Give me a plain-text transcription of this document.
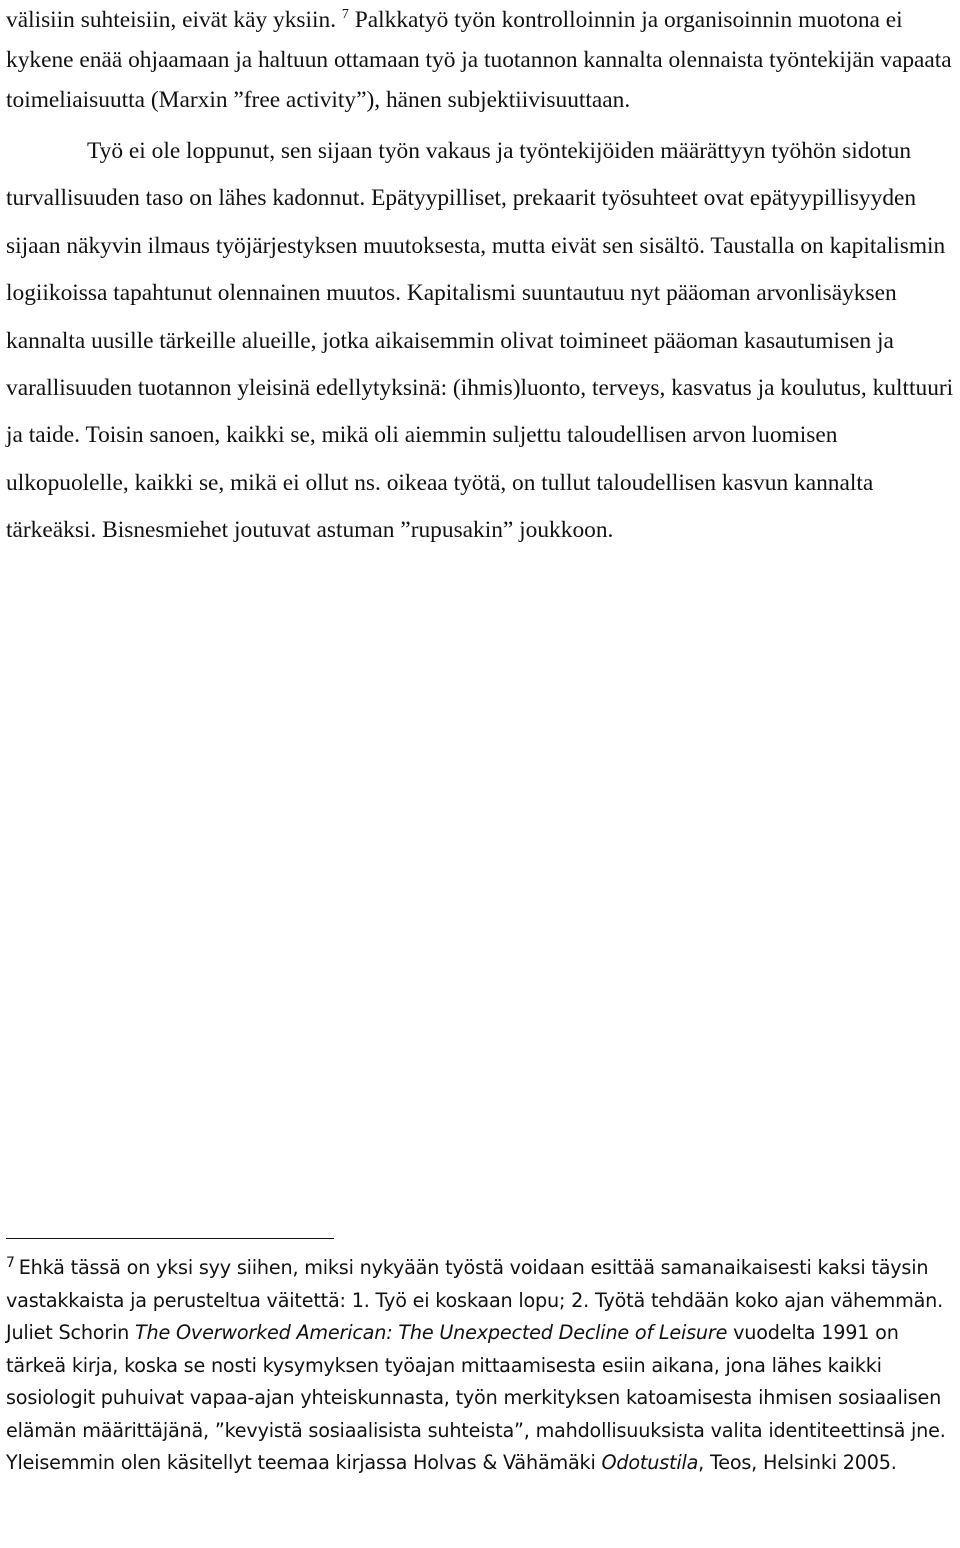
välisiin suhteisiin, eivät käy yksiin. $^7$ Palkkatyö työn kontrolloinnin ja organisoinnin muotona ei kykene enää ohjaamaan ja haltuun ottamaan työ ja tuotannon kannalta olennaista työntekijän vapaata toimeliaisuutta (Marxin ”free activity”), hänen subjektiivisuuttaan.

Työ ei ole loppunut, sen sijaan työn vakaus ja työntekijöiden määrättyyn työhön sidotun turvallisuuden taso on lähes kadonnut. Epätyypilliset, prekaarit työsuhteet ovat epätyypillisyyden sijaan näkyvin ilmaus työjärjestyksen muutoksesta, mutta eivät sen sisältö. Taustalla on kapitalismin logiikoissa tapahtunut olennainen muutos. Kapitalismi suuntautuu nyt pääoman arvonlisäyksen kannalta uusille tärkeille alueille, jotka aikaisemmin olivat toimineet pääoman kasautumisen ja varallisuuden tuotannon yleisinä edellytyksinä: (ihmis)luonto, terveys, kasvatus ja koulutus, kulttuuri ja taide. Toisin sanoen, kaikki se, mikä oli aiemmin suljettu taloudellisen arvon luomisen ulkopuolelle, kaikki se, mikä ei ollut ns. oikeaa työtä, on tullut taloudellisen kasvun kannalta tärkeäksi. Bisnesmiehet joutuvat astuman ”rupusakin” joukkoon.

$^7$ Ehkä tässä on yksi syy siihen, miksi nykyään työstä voidaan esittää samanaikaisesti kaksi täysin vastakkaista ja perusteltua väitettä: 1. Työ ei koskaan lopu; 2. Työtä tehdään koko ajan vähemmän. Juliet Schorin The Overworked American: The Unexpected Decline of Leisure vuodelta 1991 on tärkeä kirja, koska se nosti kysymyksen työajan mittaamisesta esiin aikana, jona lähes kaikki sosiologit puhuivat vapaa-ajan yhteiskunnasta, työn merkityksen katoamisesta ihmisen sosiaalisen elämän määrittäjänä, ”kevyistä sosiaalisista suhteista”, mahdollisuuksista valita identiteettinsä jne. Yleisemmin olen käsitellyt teemaa kirjassa Holvas & Vähämäki Odotustila, Teos, Helsinki 2005.
